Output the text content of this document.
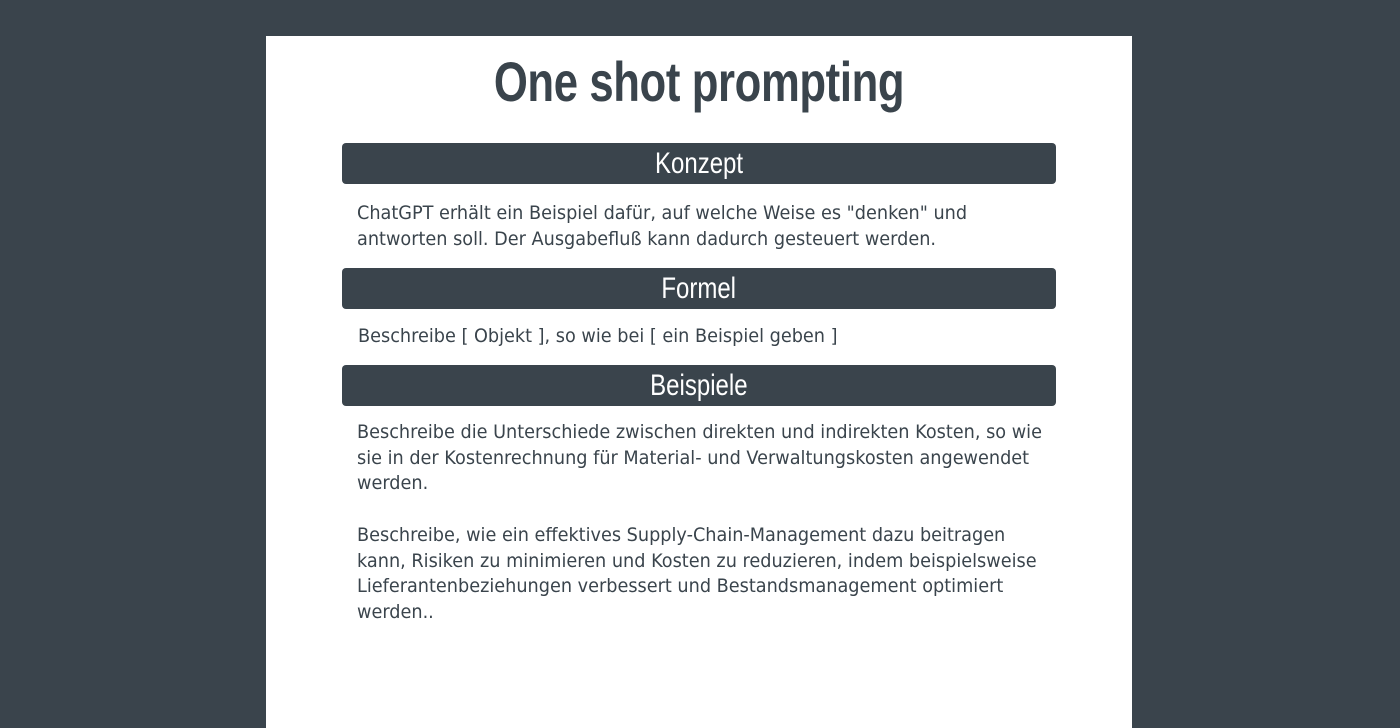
One shot prompting
Konzept

ChatGPT erhält ein Beispiel dafür, auf welche Weise es "denken" und antworten soll. Der Ausgabefluß kann dadurch gesteuert werden.

Formel

Beschreibe [ Objekt ], so wie bei [ ein Beispiel geben ]

Beispiele

Beschreibe die Unterschiede zwischen direkten und indirekten Kosten, so wie sie in der Kostenrechnung für Material- und Verwaltungskosten angewendet werden.

Beschreibe, wie ein effektives Supply-Chain-Management dazu beitragen kann, Risiken zu minimieren und Kosten zu reduzieren, indem beispielsweise Lieferantenbeziehungen verbessert und Bestandsmanagement optimiert werden..
